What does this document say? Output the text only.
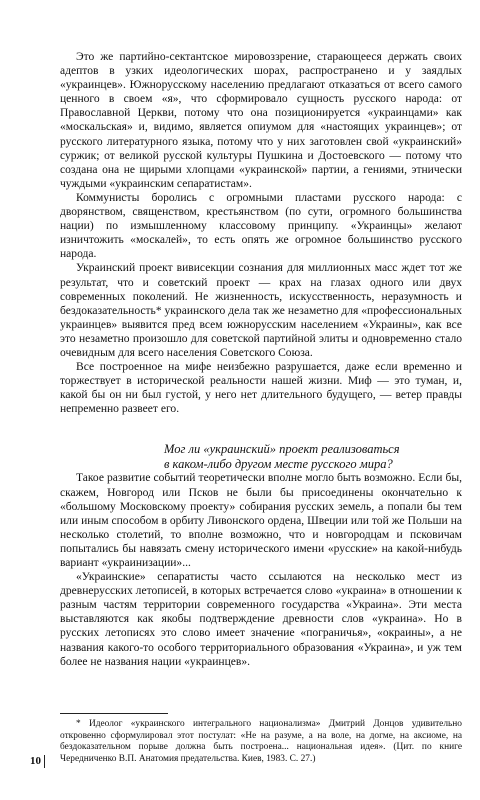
Это же партийно-сектантское мировоззрение, старающееся держать своих адептов в узких идеологических шорах, распространено и у заядлых «украинцев». Южнорусскому населению предлагают отказаться от всего самого ценного в своем «я», что сформировало сущность русского народа: от Православной Церкви, потому что она позиционируется «украинцами» как «москальская» и, видимо, является опиумом для «настоящих украинцев»; от русского литературного языка, потому что у них заготовлен свой «украинский» суржик; от великой русской культуры Пушкина и Достоевского — потому что создана она не щирыми хлопцами «украинской» партии, а гениями, этнически чуждыми «украинским сепаратистам».

Коммунисты боролись с огромными пластами русского народа: с дворянством, священством, крестьянством (по сути, огромного большинства нации) по измышленному классовому принципу. «Украинцы» желают изничтожить «москалей», то есть опять же огромное большинство русского народа.

Украинский проект вивисекции сознания для миллионных масс ждет тот же результат, что и советский проект — крах на глазах одного или двух современных поколений. Не жизненность, искусственность, неразумность и бездоказательность* украинского дела так же незаметно для «профессиональных украинцев» выявится пред всем южнорусским населением «Украины», как все это незаметно произошло для советской партийной элиты и одновременно стало очевидным для всего населения Советского Союза.

Все построенное на мифе неизбежно разрушается, даже если временно и торжествует в исторической реальности нашей жизни. Миф — это туман, и, какой бы он ни был густой, у него нет длительного будущего, — ветер правды непременно развеет его.

Мог ли «украинский» проект реализоваться
в каком-либо другом месте русского мира?

Такое развитие событий теоретически вполне могло быть возможно. Если бы, скажем, Новгород или Псков не были бы присоединены окончательно к «большому Московскому проекту» собирания русских земель, а попали бы тем или иным способом в орбиту Ливонского ордена, Швеции или той же Польши на несколько столетий, то вполне возможно, что и новгородцам и псковичам попытались бы навязать смену исторического имени «русские» на какой-нибудь вариант «украинизации»...

«Украинские» сепаратисты часто ссылаются на несколько мест из древнерусских летописей, в которых встречается слово «украина» в отношении к разным частям территории современного государства «Украина». Эти места выставляются как якобы подтверждение древности слов «украина». Но в русских летописях это слово имеет значение «пограничья», «окраины», а не названия какого-то особого территориального образования «Украина», и уж тем более не названия нации «украинцев».

* Идеолог «украинского интегрального национализма» Дмитрий Донцов удивительно откровенно сформулировал этот постулат: «Не на разуме, а на воле, на догме, на аксиоме, на бездоказательном порыве должна быть построена... национальная идея». (Цит. по книге Чередниченко В.П. Анатомия предательства. Киев, 1983. С. 27.)

10
